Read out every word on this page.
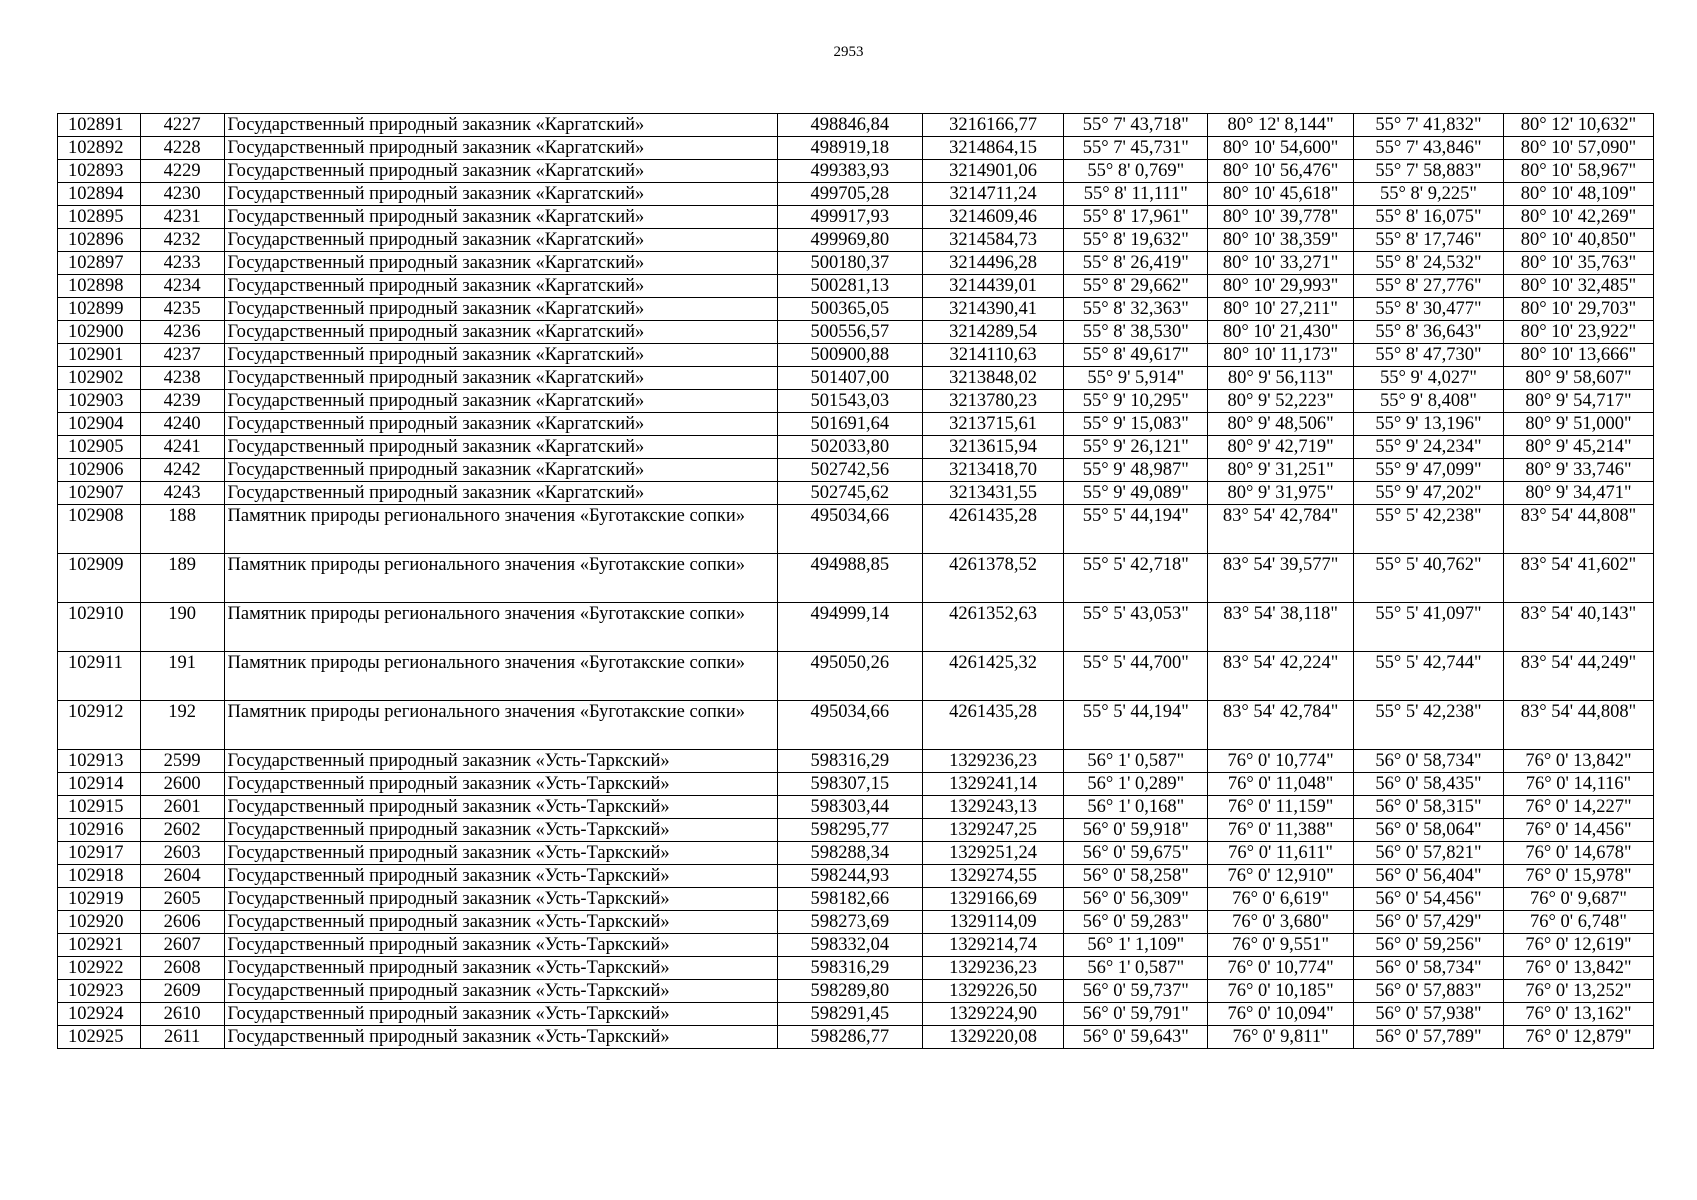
2953
102891	4227	Государственный природный заказник «Каргатский»	498846,84	3216166,77	55° 7' 43,718"	80° 12' 8,144"	55° 7' 41,832"	80° 12' 10,632"
102892	4228	Государственный природный заказник «Каргатский»	498919,18	3214864,15	55° 7' 45,731"	80° 10' 54,600"	55° 7' 43,846"	80° 10' 57,090"
102893	4229	Государственный природный заказник «Каргатский»	499383,93	3214901,06	55° 8' 0,769"	80° 10' 56,476"	55° 7' 58,883"	80° 10' 58,967"
102894	4230	Государственный природный заказник «Каргатский»	499705,28	3214711,24	55° 8' 11,111"	80° 10' 45,618"	55° 8' 9,225"	80° 10' 48,109"
102895	4231	Государственный природный заказник «Каргатский»	499917,93	3214609,46	55° 8' 17,961"	80° 10' 39,778"	55° 8' 16,075"	80° 10' 42,269"
102896	4232	Государственный природный заказник «Каргатский»	499969,80	3214584,73	55° 8' 19,632"	80° 10' 38,359"	55° 8' 17,746"	80° 10' 40,850"
102897	4233	Государственный природный заказник «Каргатский»	500180,37	3214496,28	55° 8' 26,419"	80° 10' 33,271"	55° 8' 24,532"	80° 10' 35,763"
102898	4234	Государственный природный заказник «Каргатский»	500281,13	3214439,01	55° 8' 29,662"	80° 10' 29,993"	55° 8' 27,776"	80° 10' 32,485"
102899	4235	Государственный природный заказник «Каргатский»	500365,05	3214390,41	55° 8' 32,363"	80° 10' 27,211"	55° 8' 30,477"	80° 10' 29,703"
102900	4236	Государственный природный заказник «Каргатский»	500556,57	3214289,54	55° 8' 38,530"	80° 10' 21,430"	55° 8' 36,643"	80° 10' 23,922"
102901	4237	Государственный природный заказник «Каргатский»	500900,88	3214110,63	55° 8' 49,617"	80° 10' 11,173"	55° 8' 47,730"	80° 10' 13,666"
102902	4238	Государственный природный заказник «Каргатский»	501407,00	3213848,02	55° 9' 5,914"	80° 9' 56,113"	55° 9' 4,027"	80° 9' 58,607"
102903	4239	Государственный природный заказник «Каргатский»	501543,03	3213780,23	55° 9' 10,295"	80° 9' 52,223"	55° 9' 8,408"	80° 9' 54,717"
102904	4240	Государственный природный заказник «Каргатский»	501691,64	3213715,61	55° 9' 15,083"	80° 9' 48,506"	55° 9' 13,196"	80° 9' 51,000"
102905	4241	Государственный природный заказник «Каргатский»	502033,80	3213615,94	55° 9' 26,121"	80° 9' 42,719"	55° 9' 24,234"	80° 9' 45,214"
102906	4242	Государственный природный заказник «Каргатский»	502742,56	3213418,70	55° 9' 48,987"	80° 9' 31,251"	55° 9' 47,099"	80° 9' 33,746"
102907	4243	Государственный природный заказник «Каргатский»	502745,62	3213431,55	55° 9' 49,089"	80° 9' 31,975"	55° 9' 47,202"	80° 9' 34,471"
102908	188	Памятник природы регионального значения «Буготакские сопки»	495034,66	4261435,28	55° 5' 44,194"	83° 54' 42,784"	55° 5' 42,238"	83° 54' 44,808"
102909	189	Памятник природы регионального значения «Буготакские сопки»	494988,85	4261378,52	55° 5' 42,718"	83° 54' 39,577"	55° 5' 40,762"	83° 54' 41,602"
102910	190	Памятник природы регионального значения «Буготакские сопки»	494999,14	4261352,63	55° 5' 43,053"	83° 54' 38,118"	55° 5' 41,097"	83° 54' 40,143"
102911	191	Памятник природы регионального значения «Буготакские сопки»	495050,26	4261425,32	55° 5' 44,700"	83° 54' 42,224"	55° 5' 42,744"	83° 54' 44,249"
102912	192	Памятник природы регионального значения «Буготакские сопки»	495034,66	4261435,28	55° 5' 44,194"	83° 54' 42,784"	55° 5' 42,238"	83° 54' 44,808"
102913	2599	Государственный природный заказник «Усть-Таркский»	598316,29	1329236,23	56° 1' 0,587"	76° 0' 10,774"	56° 0' 58,734"	76° 0' 13,842"
102914	2600	Государственный природный заказник «Усть-Таркский»	598307,15	1329241,14	56° 1' 0,289"	76° 0' 11,048"	56° 0' 58,435"	76° 0' 14,116"
102915	2601	Государственный природный заказник «Усть-Таркский»	598303,44	1329243,13	56° 1' 0,168"	76° 0' 11,159"	56° 0' 58,315"	76° 0' 14,227"
102916	2602	Государственный природный заказник «Усть-Таркский»	598295,77	1329247,25	56° 0' 59,918"	76° 0' 11,388"	56° 0' 58,064"	76° 0' 14,456"
102917	2603	Государственный природный заказник «Усть-Таркский»	598288,34	1329251,24	56° 0' 59,675"	76° 0' 11,611"	56° 0' 57,821"	76° 0' 14,678"
102918	2604	Государственный природный заказник «Усть-Таркский»	598244,93	1329274,55	56° 0' 58,258"	76° 0' 12,910"	56° 0' 56,404"	76° 0' 15,978"
102919	2605	Государственный природный заказник «Усть-Таркский»	598182,66	1329166,69	56° 0' 56,309"	76° 0' 6,619"	56° 0' 54,456"	76° 0' 9,687"
102920	2606	Государственный природный заказник «Усть-Таркский»	598273,69	1329114,09	56° 0' 59,283"	76° 0' 3,680"	56° 0' 57,429"	76° 0' 6,748"
102921	2607	Государственный природный заказник «Усть-Таркский»	598332,04	1329214,74	56° 1' 1,109"	76° 0' 9,551"	56° 0' 59,256"	76° 0' 12,619"
102922	2608	Государственный природный заказник «Усть-Таркский»	598316,29	1329236,23	56° 1' 0,587"	76° 0' 10,774"	56° 0' 58,734"	76° 0' 13,842"
102923	2609	Государственный природный заказник «Усть-Таркский»	598289,80	1329226,50	56° 0' 59,737"	76° 0' 10,185"	56° 0' 57,883"	76° 0' 13,252"
102924	2610	Государственный природный заказник «Усть-Таркский»	598291,45	1329224,90	56° 0' 59,791"	76° 0' 10,094"	56° 0' 57,938"	76° 0' 13,162"
102925	2611	Государственный природный заказник «Усть-Таркский»	598286,77	1329220,08	56° 0' 59,643"	76° 0' 9,811"	56° 0' 57,789"	76° 0' 12,879"
